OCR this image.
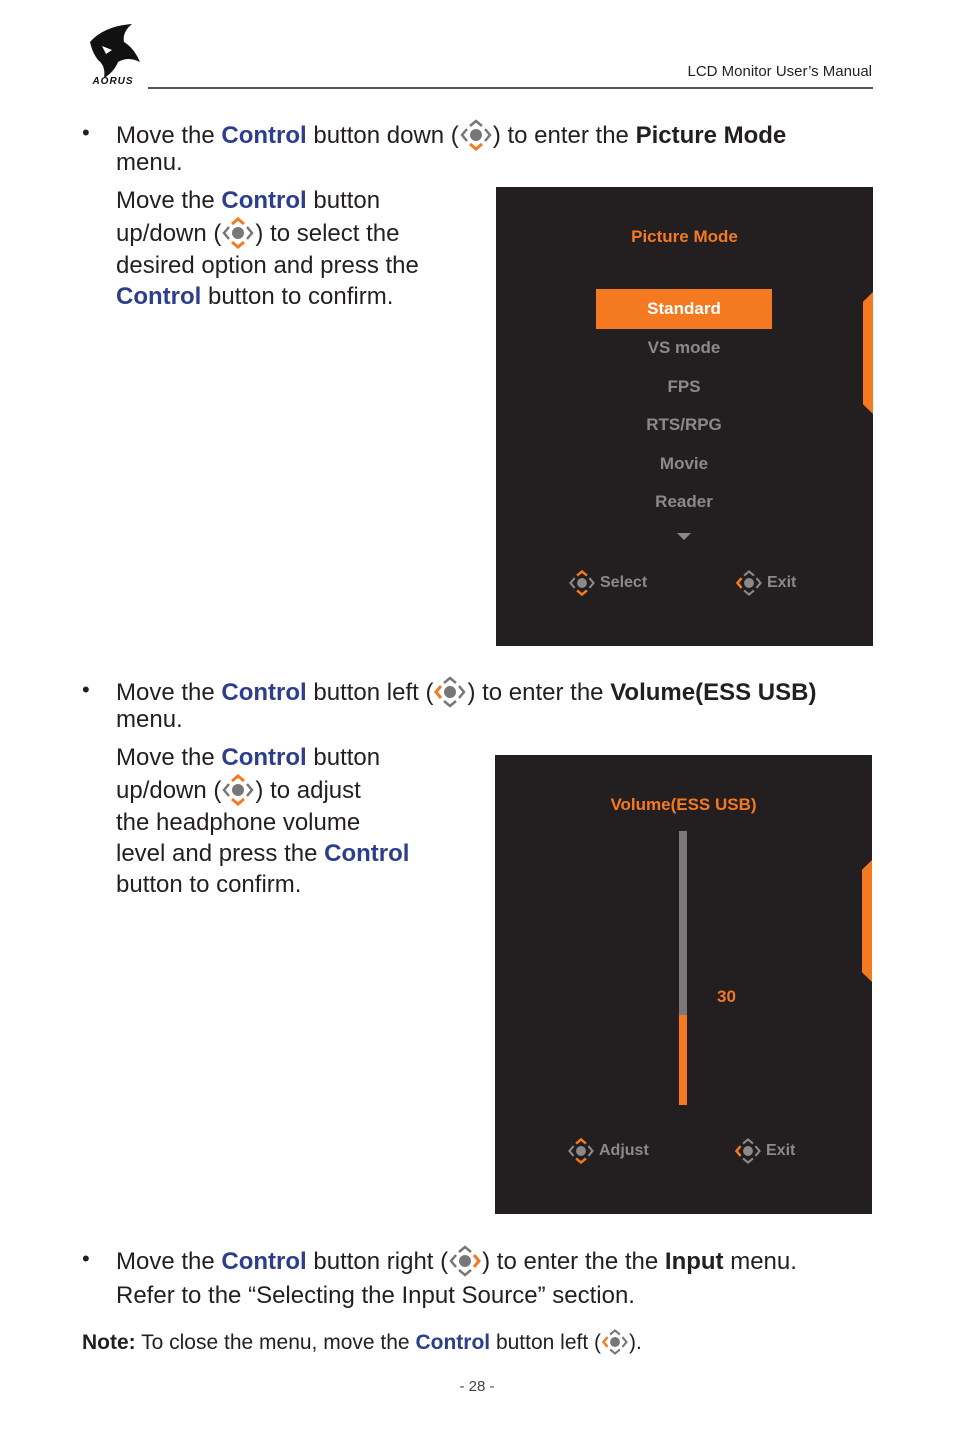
AORUS
LCD Monitor User’s Manual
• Move the Control button down ( ) to enter the Picture Mode
menu.
Move the Control button
up/down ( ) to select the
desired option and press the
Control button to confirm.
Picture Mode
Standard
VS mode
FPS
RTS/RPG
Movie
Reader
Select	Exit
• Move the Control button left ( ) to enter the Volume(ESS USB)
menu.
Move the Control button
up/down ( ) to adjust
the headphone volume
level and press the Control
button to confirm.
Volume(ESS USB)
30
Adjust	Exit
• Move the Control button right ( ) to enter the the Input menu.
Refer to the “Selecting the Input Source” section.
Note: To close the menu, move the Control button left ( ).
- 28 -
